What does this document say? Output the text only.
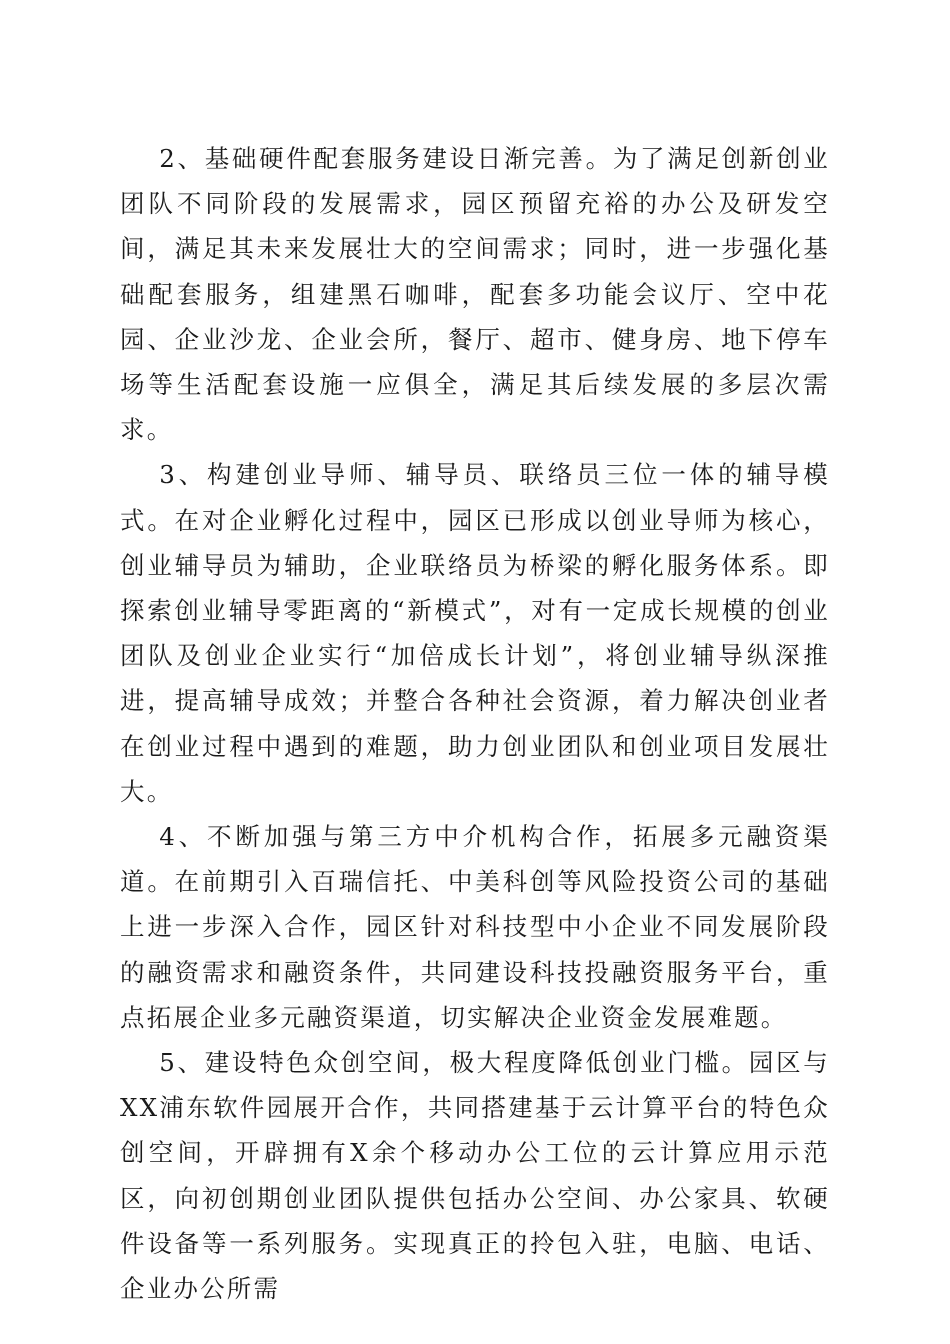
2、基础硬件配套服务建设日渐完善。为了满足创新创业团队不同阶段的发展需求，园区预留充裕的办公及研发空间，满足其未来发展壮大的空间需求；同时，进一步强化基础配套服务，组建黑石咖啡，配套多功能会议厅、空中花园、企业沙龙、企业会所，餐厅、超市、健身房、地下停车场等生活配套设施一应俱全，满足其后续发展的多层次需求。

3、构建创业导师、辅导员、联络员三位一体的辅导模式。在对企业孵化过程中，园区已形成以创业导师为核心，创业辅导员为辅助，企业联络员为桥梁的孵化服务体系。即探索创业辅导零距离的“新模式”，对有一定成长规模的创业团队及创业企业实行“加倍成长计划”，将创业辅导纵深推进，提高辅导成效；并整合各种社会资源，着力解决创业者在创业过程中遇到的难题，助力创业团队和创业项目发展壮大。

4、不断加强与第三方中介机构合作，拓展多元融资渠道。在前期引入百瑞信托、中美科创等风险投资公司的基础上进一步深入合作，园区针对科技型中小企业不同发展阶段的融资需求和融资条件，共同建设科技投融资服务平台，重点拓展企业多元融资渠道，切实解决企业资金发展难题。

5、建设特色众创空间，极大程度降低创业门槛。园区与XX浦东软件园展开合作，共同搭建基于云计算平台的特色众创空间，开辟拥有X余个移动办公工位的云计算应用示范区，向初创期创业团队提供包括办公空间、办公家具、软硬件设备等一系列服务。实现真正的拎包入驻，电脑、电话、企业办公所需
